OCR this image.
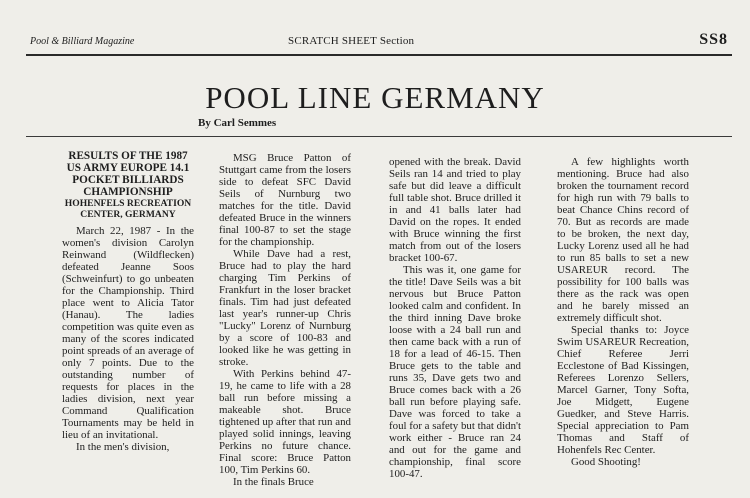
Pool & Billiard Magazine	SCRATCH SHEET Section	SS8
POOL LINE GERMANY
By Carl Semmes
RESULTS OF THE 1987 US ARMY EUROPE 14.1 POCKET BILLIARDS CHAMPIONSHIP
HOHENFELS RECREATION CENTER, GERMANY

March 22, 1987 - In the women's division Carolyn Reinwand (Wildflecken) defeated Jeanne Soos (Schweinfurt) to go unbeaten for the Championship. Third place went to Alicia Tator (Hanau). The ladies competition was quite even as many of the scores indicated point spreads of an average of only 7 points. Due to the outstanding number of requests for places in the ladies division, next year Command Qualification Tournaments may be held in lieu of an invitational.

In the men's division,

MSG Bruce Patton of Stuttgart came from the losers side to defeat SFC David Seils of Nurnburg two matches for the title. David defeated Bruce in the winners final 100-87 to set the stage for the championship.

While Dave had a rest, Bruce had to play the hard charging Tim Perkins of Frankfurt in the loser bracket finals. Tim had just defeated last year's runner-up Chris "Lucky" Lorenz of Nurnburg by a score of 100-83 and looked like he was getting in stroke.

With Perkins behind 47-19, he came to life with a 28 ball run before missing a makeable shot. Bruce tightened up after that run and played solid innings, leaving Perkins no future chance. Final score: Bruce Patton 100, Tim Perkins 60.

In the finals Bruce

opened with the break. David Seils ran 14 and tried to play safe but did leave a difficult full table shot. Bruce drilled it in and 41 balls later had David on the ropes. It ended with Bruce winning the first match from out of the losers bracket 100-67.

This was it, one game for the title! Dave Seils was a bit nervous but Bruce Patton looked calm and confident. In the third inning Dave broke loose with a 24 ball run and then came back with a run of 18 for a lead of 46-15. Then Bruce gets to the table and runs 35, Dave gets two and Bruce comes back with a 26 ball run before playing safe. Dave was forced to take a foul for a safety but that didn't work either - Bruce ran 24 and out for the game and championship, final score 100-47.

A few highlights worth mentioning. Bruce had also broken the tournament record for high run with 79 balls to beat Chance Chins record of 70. But as records are made to be broken, the next day, Lucky Lorenz used all he had to run 85 balls to set a new USAREUR record. The possibility for 100 balls was there as the rack was open and he barely missed an extremely difficult shot.

Special thanks to: Joyce Swim USAREUR Recreation, Chief Referee Jerri Ecclestone of Bad Kissingen, Referees Lorenzo Sellers, Marcel Garner, Tony Softa, Joe Midgett, Eugene Guedker, and Steve Harris. Special appreciation to Pam Thomas and Staff of Hohenfels Rec Center.

Good Shooting!
